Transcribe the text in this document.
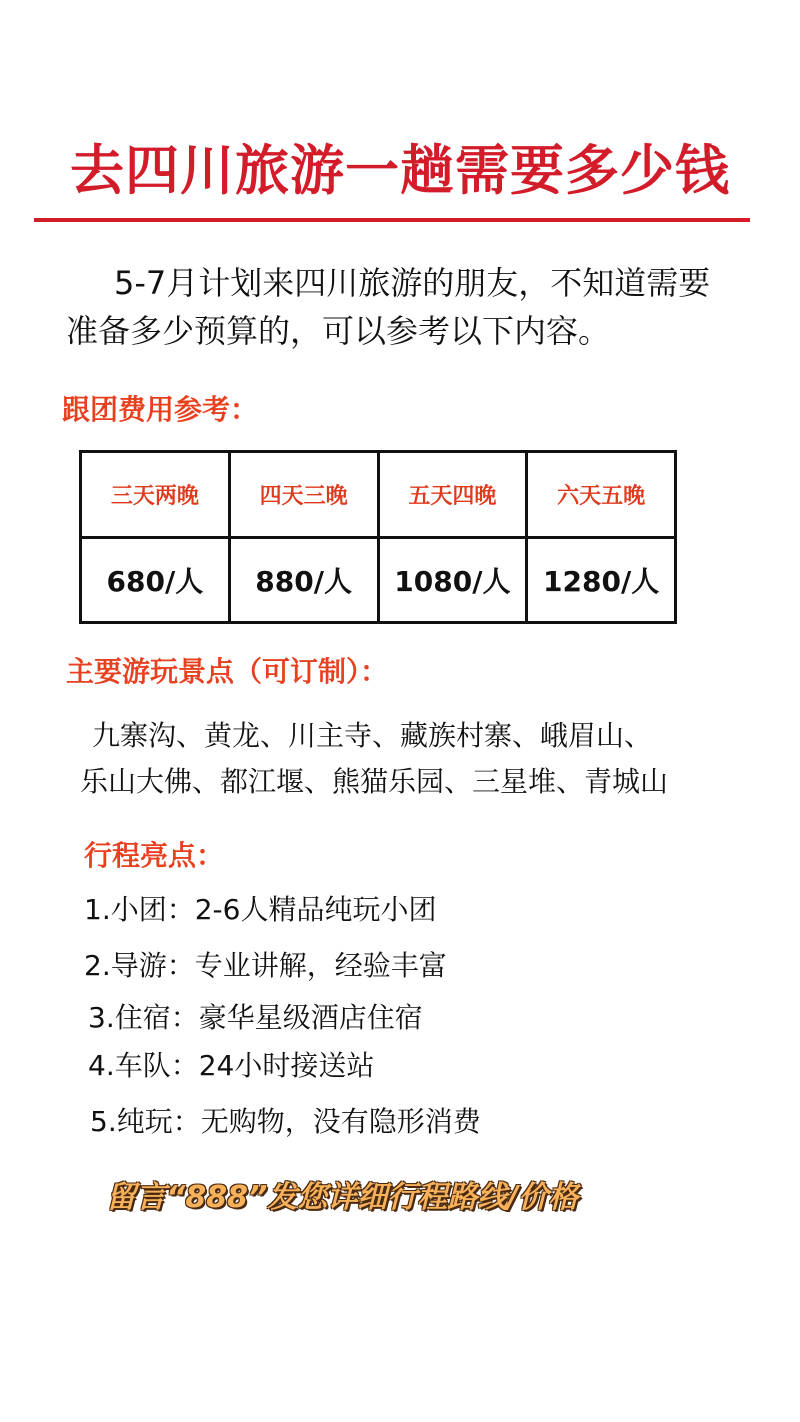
去四川旅游一趟需要多少钱
5-7月计划来四川旅游的朋友，不知道需要
准备多少预算的，可以参考以下内容。
跟团费用参考：
三天两晚	四天三晚	五天四晚	六天五晚
680/人	880/人	1080/人	1280/人
主要游玩景点（可订制）：
九寨沟、黄龙、川主寺、藏族村寨、峨眉山、
乐山大佛、都江堰、熊猫乐园、三星堆、青城山
行程亮点：
1.小团：2-6人精品纯玩小团
2.导游：专业讲解，经验丰富
3.住宿：豪华星级酒店住宿
4.车队：24小时接送站
5.纯玩：无购物，没有隐形消费
留言“888”发您详细行程路线/价格
